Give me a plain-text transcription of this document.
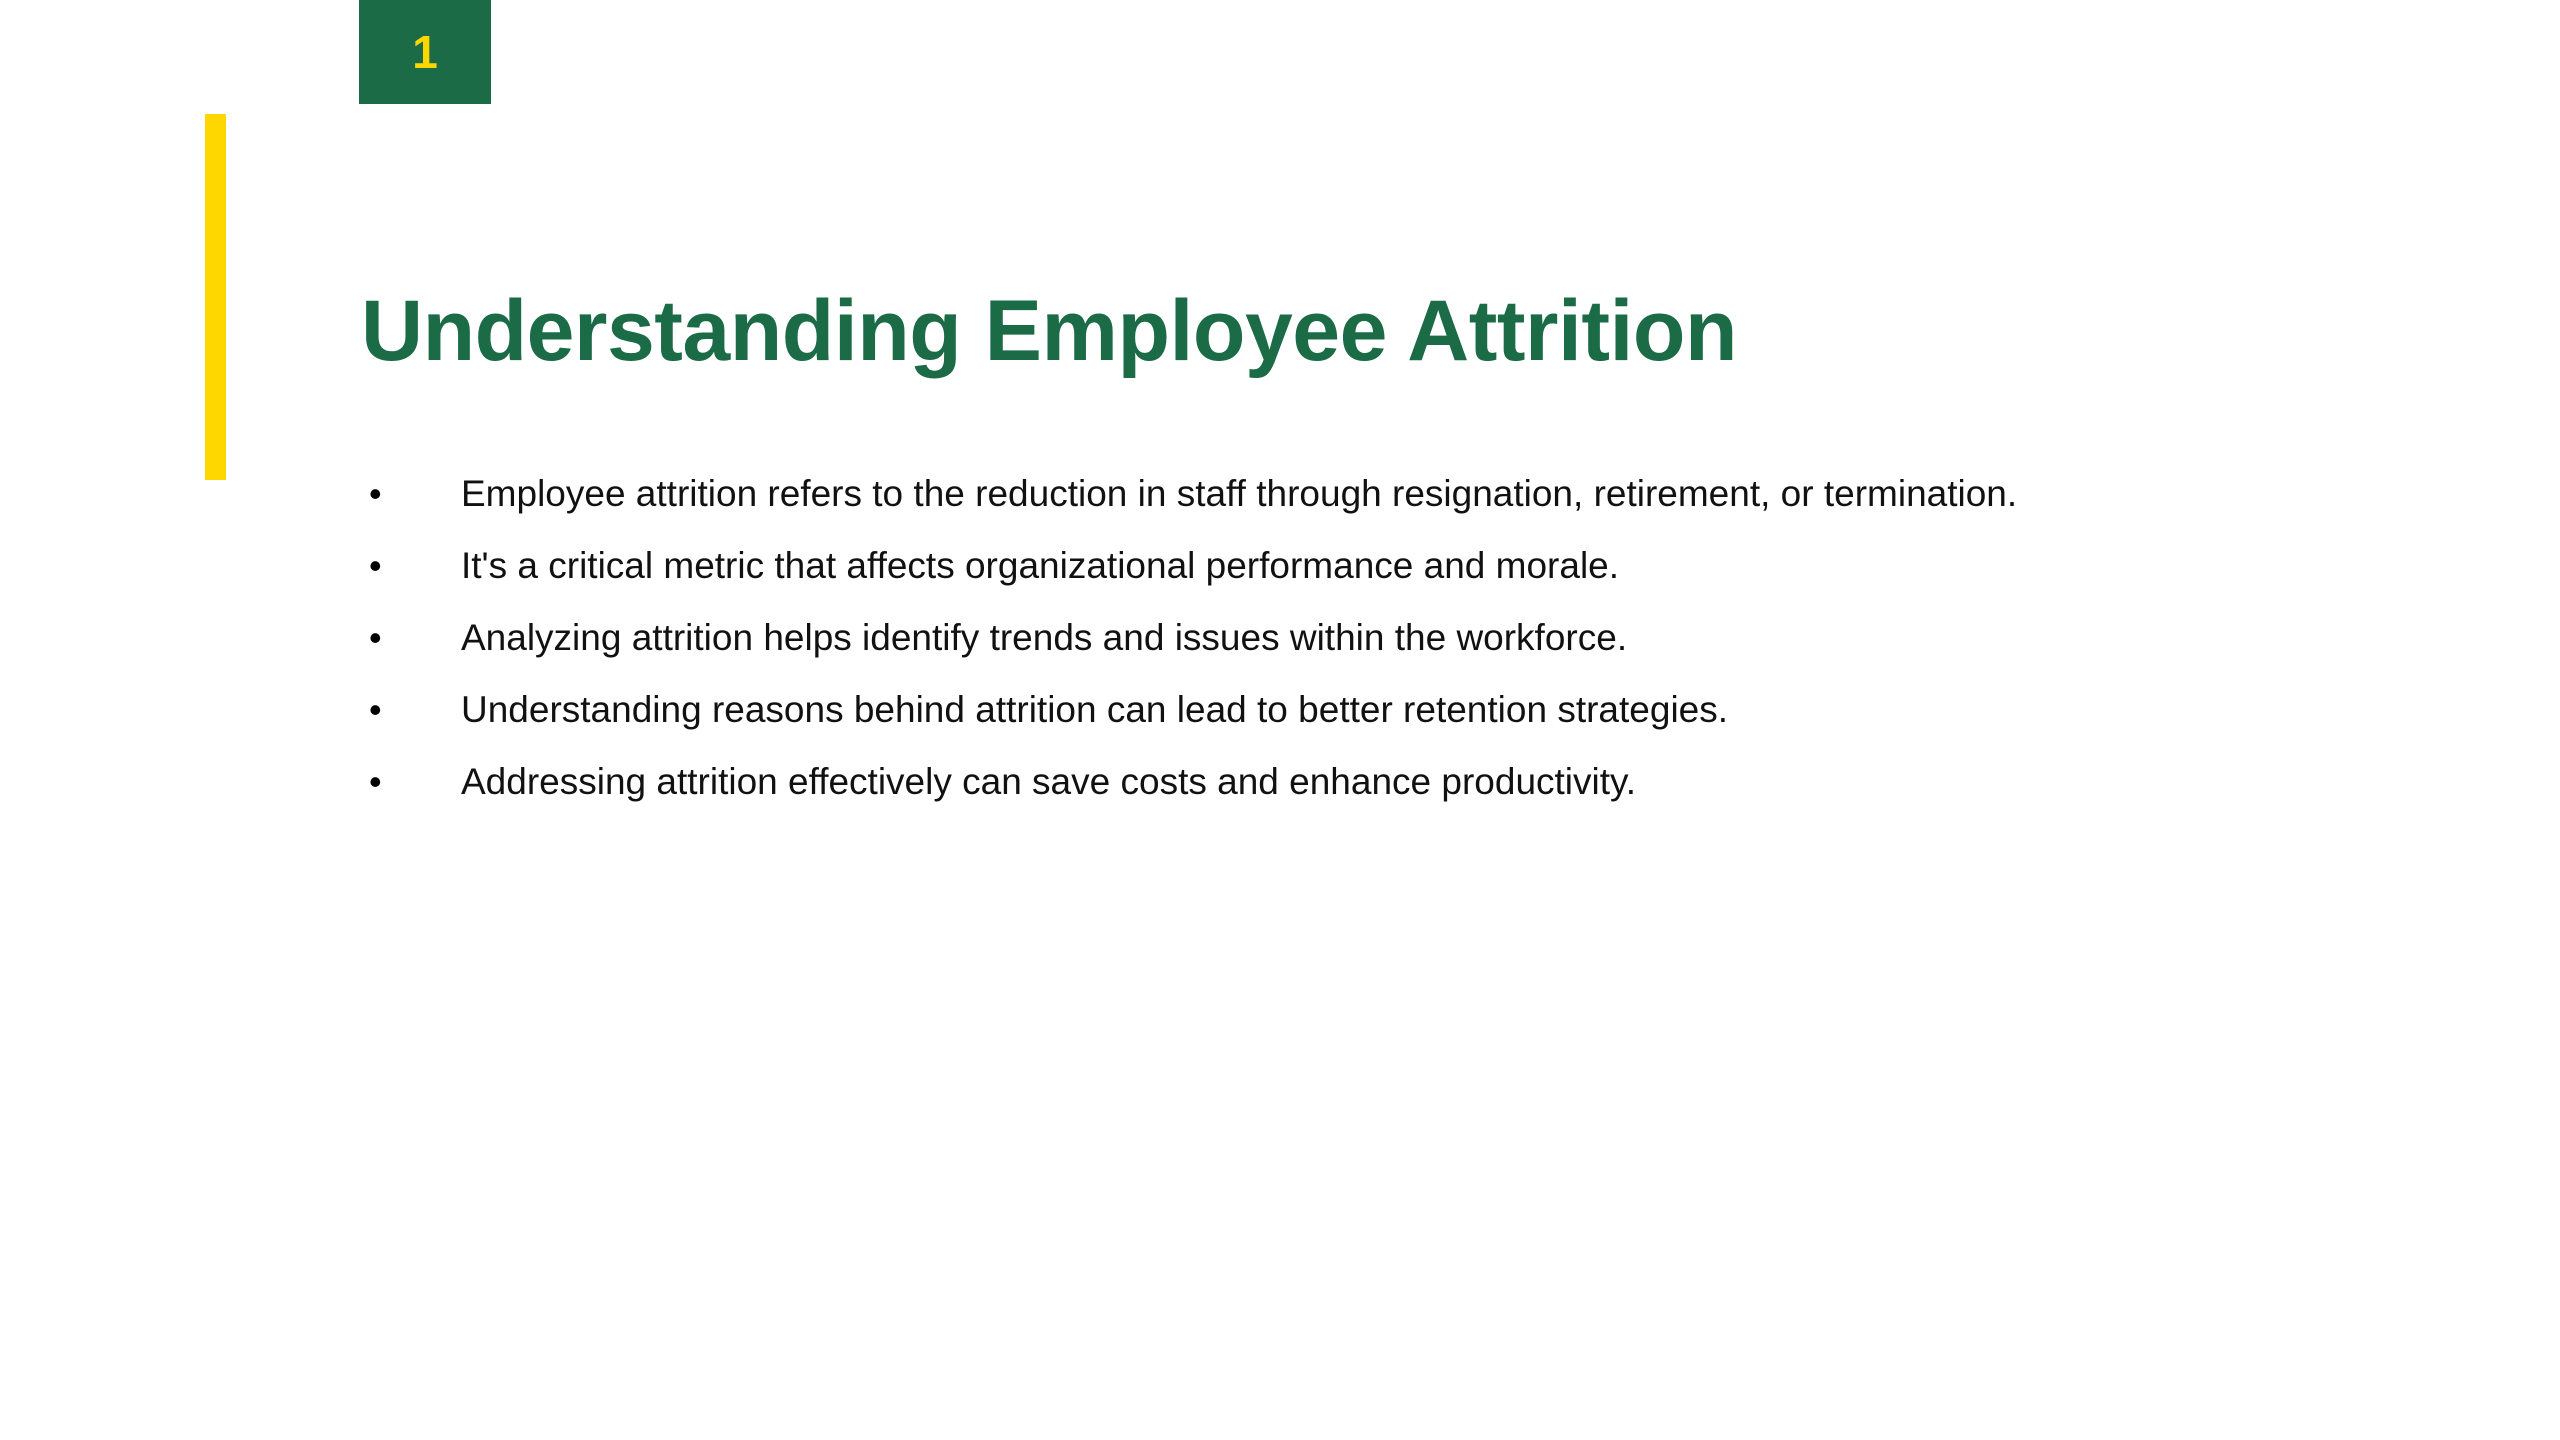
1
Understanding Employee Attrition
•	Employee attrition refers to the reduction in staff through resignation, retirement, or termination.
•	It's a critical metric that affects organizational performance and morale.
•	Analyzing attrition helps identify trends and issues within the workforce.
•	Understanding reasons behind attrition can lead to better retention strategies.
•	Addressing attrition effectively can save costs and enhance productivity.
